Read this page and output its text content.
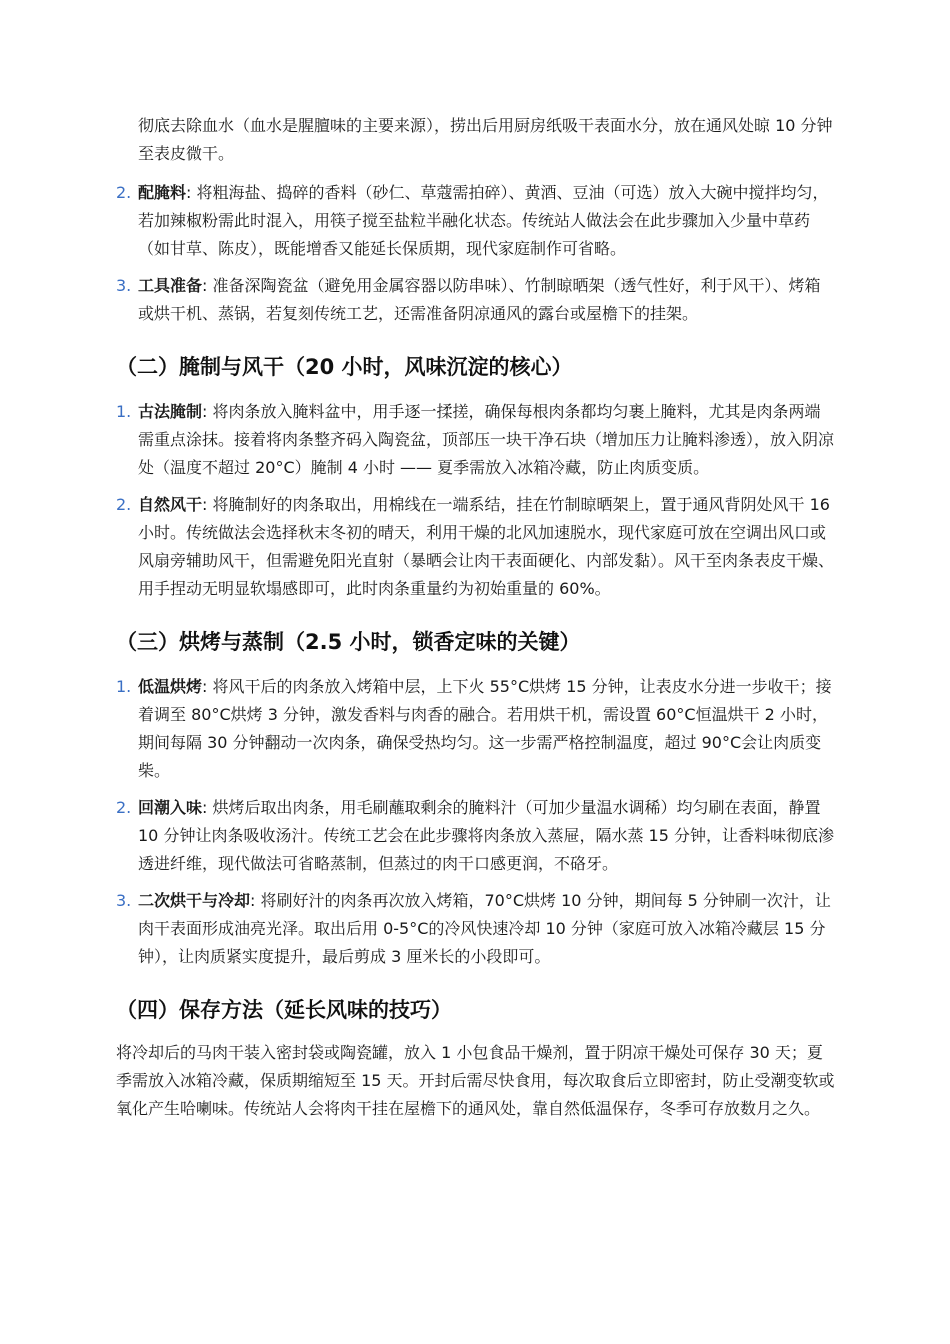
彻底去除血水（血水是腥膻味的主要来源），捞出后用厨房纸吸干表面水分，放在通风处晾 10 分钟至表皮微干。

2. 配腌料: 将粗海盐、捣碎的香料（砂仁、草蔻需拍碎）、黄酒、豆油（可选）放入大碗中搅拌均匀，若加辣椒粉需此时混入，用筷子搅至盐粒半融化状态。传统站人做法会在此步骤加入少量中草药（如甘草、陈皮），既能增香又能延长保质期，现代家庭制作可省略。
3. 工具准备: 准备深陶瓷盆（避免用金属容器以防串味）、竹制晾晒架（透气性好，利于风干）、烤箱或烘干机、蒸锅，若复刻传统工艺，还需准备阴凉通风的露台或屋檐下的挂架。
（二）腌制与风干（20 小时，风味沉淀的核心）
1. 古法腌制: 将肉条放入腌料盆中，用手逐一揉搓，确保每根肉条都均匀裹上腌料，尤其是肉条两端需重点涂抹。接着将肉条整齐码入陶瓷盆，顶部压一块干净石块（增加压力让腌料渗透），放入阴凉处（温度不超过 20°C）腌制 4 小时 —— 夏季需放入冰箱冷藏，防止肉质变质。
2. 自然风干: 将腌制好的肉条取出，用棉线在一端系结，挂在竹制晾晒架上，置于通风背阴处风干 16 小时。传统做法会选择秋末冬初的晴天，利用干燥的北风加速脱水，现代家庭可放在空调出风口或风扇旁辅助风干，但需避免阳光直射（暴晒会让肉干表面硬化、内部发黏）。风干至肉条表皮干燥、用手捏动无明显软塌感即可，此时肉条重量约为初始重量的 60%。
（三）烘烤与蒸制（2.5 小时，锁香定味的关键）
1. 低温烘烤: 将风干后的肉条放入烤箱中层，上下火 55°C烘烤 15 分钟，让表皮水分进一步收干；接着调至 80°C烘烤 3 分钟，激发香料与肉香的融合。若用烘干机，需设置 60°C恒温烘干 2 小时，期间每隔 30 分钟翻动一次肉条，确保受热均匀。这一步需严格控制温度，超过 90°C会让肉质变柴。
2. 回潮入味: 烘烤后取出肉条，用毛刷蘸取剩余的腌料汁（可加少量温水调稀）均匀刷在表面，静置 10 分钟让肉条吸收汤汁。传统工艺会在此步骤将肉条放入蒸屉，隔水蒸 15 分钟，让香料味彻底渗透进纤维，现代做法可省略蒸制，但蒸过的肉干口感更润，不硌牙。
3. 二次烘干与冷却: 将刷好汁的肉条再次放入烤箱，70°C烘烤 10 分钟，期间每 5 分钟刷一次汁，让肉干表面形成油亮光泽。取出后用 0-5°C的冷风快速冷却 10 分钟（家庭可放入冰箱冷藏层 15 分钟），让肉质紧实度提升，最后剪成 3 厘米长的小段即可。
（四）保存方法（延长风味的技巧）

将冷却后的马肉干装入密封袋或陶瓷罐，放入 1 小包食品干燥剂，置于阴凉干燥处可保存 30 天；夏季需放入冰箱冷藏，保质期缩短至 15 天。开封后需尽快食用，每次取食后立即密封，防止受潮变软或氧化产生哈喇味。传统站人会将肉干挂在屋檐下的通风处，靠自然低温保存，冬季可存放数月之久。
